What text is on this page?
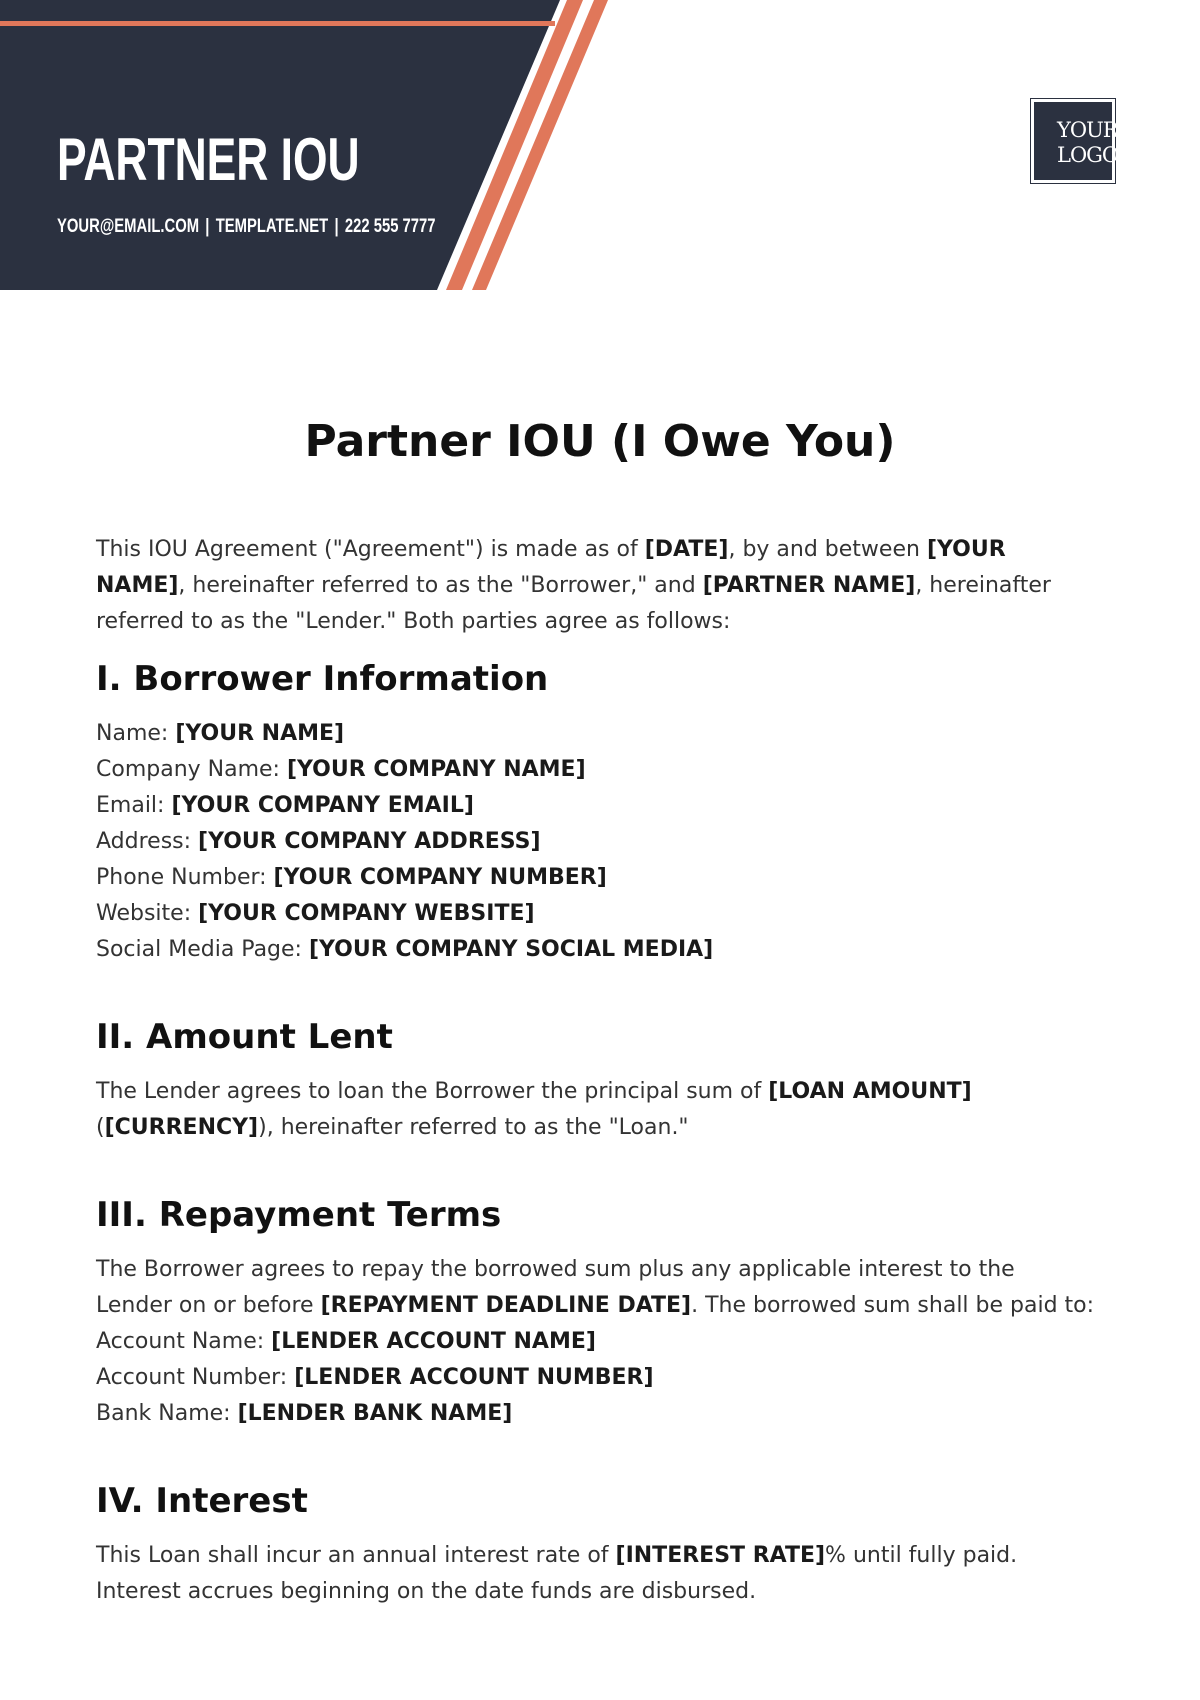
PARTNER IOU

YOUR@EMAIL.COM | TEMPLATE.NET | 222 555 7777

YOUR
LOGO

Partner IOU (I Owe You)

This IOU Agreement ("Agreement") is made as of [DATE], by and between [YOUR NAME], hereinafter referred to as the "Borrower," and [PARTNER NAME], hereinafter referred to as the "Lender." Both parties agree as follows:

I. Borrower Information

Name: [YOUR NAME]
Company Name: [YOUR COMPANY NAME]
Email: [YOUR COMPANY EMAIL]
Address: [YOUR COMPANY ADDRESS]
Phone Number: [YOUR COMPANY NUMBER]
Website: [YOUR COMPANY WEBSITE]
Social Media Page: [YOUR COMPANY SOCIAL MEDIA]

II. Amount Lent

The Lender agrees to loan the Borrower the principal sum of [LOAN AMOUNT] ([CURRENCY]), hereinafter referred to as the "Loan."

III. Repayment Terms

The Borrower agrees to repay the borrowed sum plus any applicable interest to the Lender on or before [REPAYMENT DEADLINE DATE]. The borrowed sum shall be paid to:

Account Name: [LENDER ACCOUNT NAME]
Account Number: [LENDER ACCOUNT NUMBER]
Bank Name: [LENDER BANK NAME]

IV. Interest

This Loan shall incur an annual interest rate of [INTEREST RATE]% until fully paid. Interest accrues beginning on the date funds are disbursed.
